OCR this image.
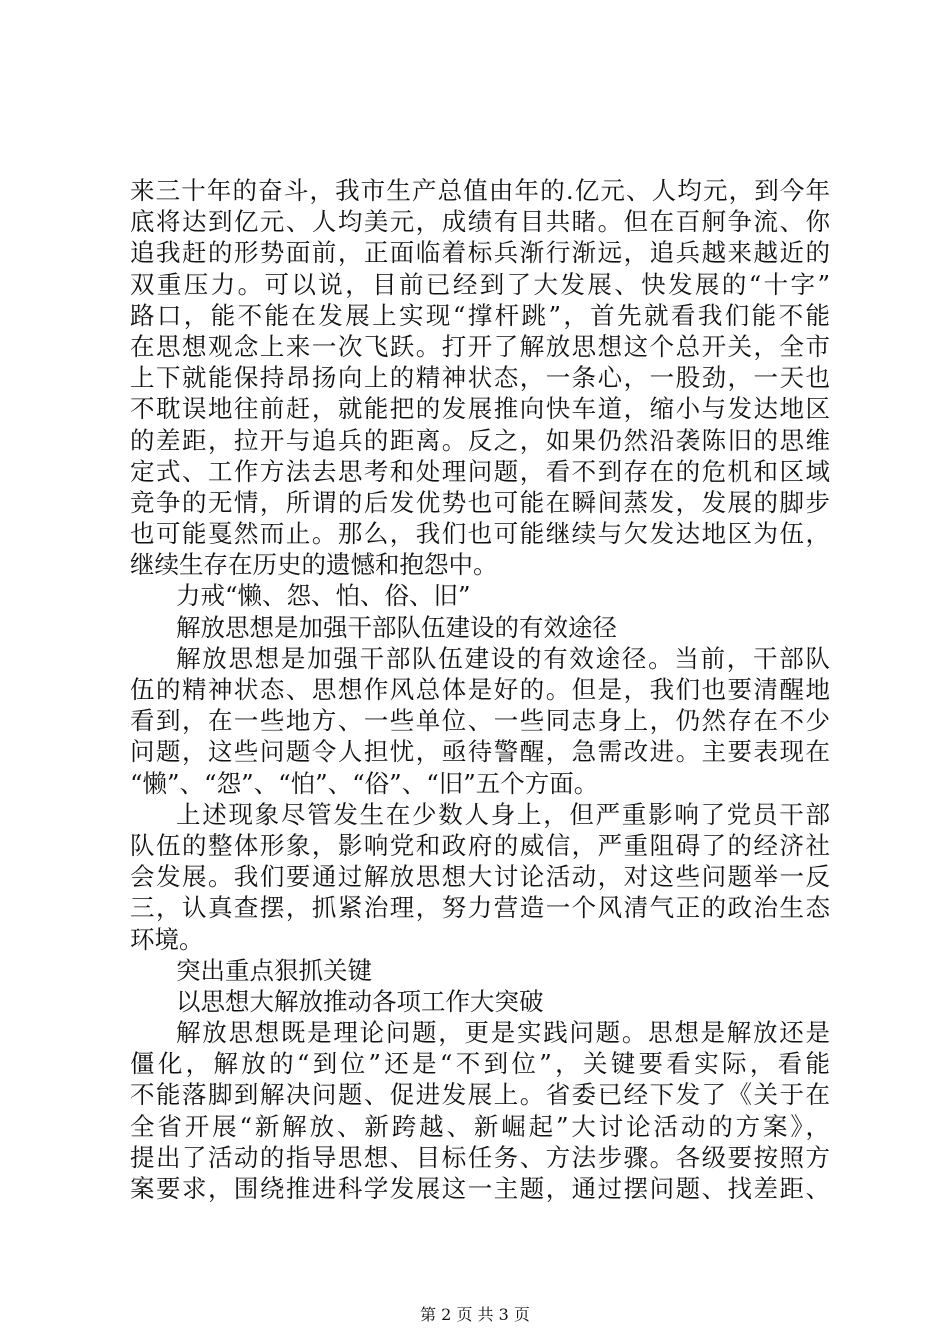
来三十年的奋斗，我市生产总值由年的.亿元、人均元，到今年
底将达到亿元、人均美元，成绩有目共睹。但在百舸争流、你
追我赶的形势面前，正面临着标兵渐行渐远，追兵越来越近的
双重压力。可以说，目前已经到了大发展、快发展的“十字”
路口，能不能在发展上实现“撑杆跳”，首先就看我们能不能
在思想观念上来一次飞跃。打开了解放思想这个总开关，全市
上下就能保持昂扬向上的精神状态，一条心，一股劲，一天也
不耽误地往前赶，就能把的发展推向快车道，缩小与发达地区
的差距，拉开与追兵的距离。反之，如果仍然沿袭陈旧的思维
定式、工作方法去思考和处理问题，看不到存在的危机和区域
竞争的无情，所谓的后发优势也可能在瞬间蒸发，发展的脚步
也可能戛然而止。那么，我们也可能继续与欠发达地区为伍，
继续生存在历史的遗憾和抱怨中。
力戒“懒、怨、怕、俗、旧”
解放思想是加强干部队伍建设的有效途径
解放思想是加强干部队伍建设的有效途径。当前，干部队
伍的精神状态、思想作风总体是好的。但是，我们也要清醒地
看到，在一些地方、一些单位、一些同志身上，仍然存在不少
问题，这些问题令人担忧，亟待警醒，急需改进。主要表现在
“懒”、“怨”、“怕”、“俗”、“旧”五个方面。
上述现象尽管发生在少数人身上，但严重影响了党员干部
队伍的整体形象，影响党和政府的威信，严重阻碍了的经济社
会发展。我们要通过解放思想大讨论活动，对这些问题举一反
三，认真查摆，抓紧治理，努力营造一个风清气正的政治生态
环境。
突出重点狠抓关键
以思想大解放推动各项工作大突破
解放思想既是理论问题，更是实践问题。思想是解放还是
僵化，解放的“到位”还是“不到位”，关键要看实际，看能
不能落脚到解决问题、促进发展上。省委已经下发了《关于在
全省开展“新解放、新跨越、新崛起”大讨论活动的方案》，
提出了活动的指导思想、目标任务、方法步骤。各级要按照方
案要求，围绕推进科学发展这一主题，通过摆问题、找差距、
第 2 页 共 3 页
